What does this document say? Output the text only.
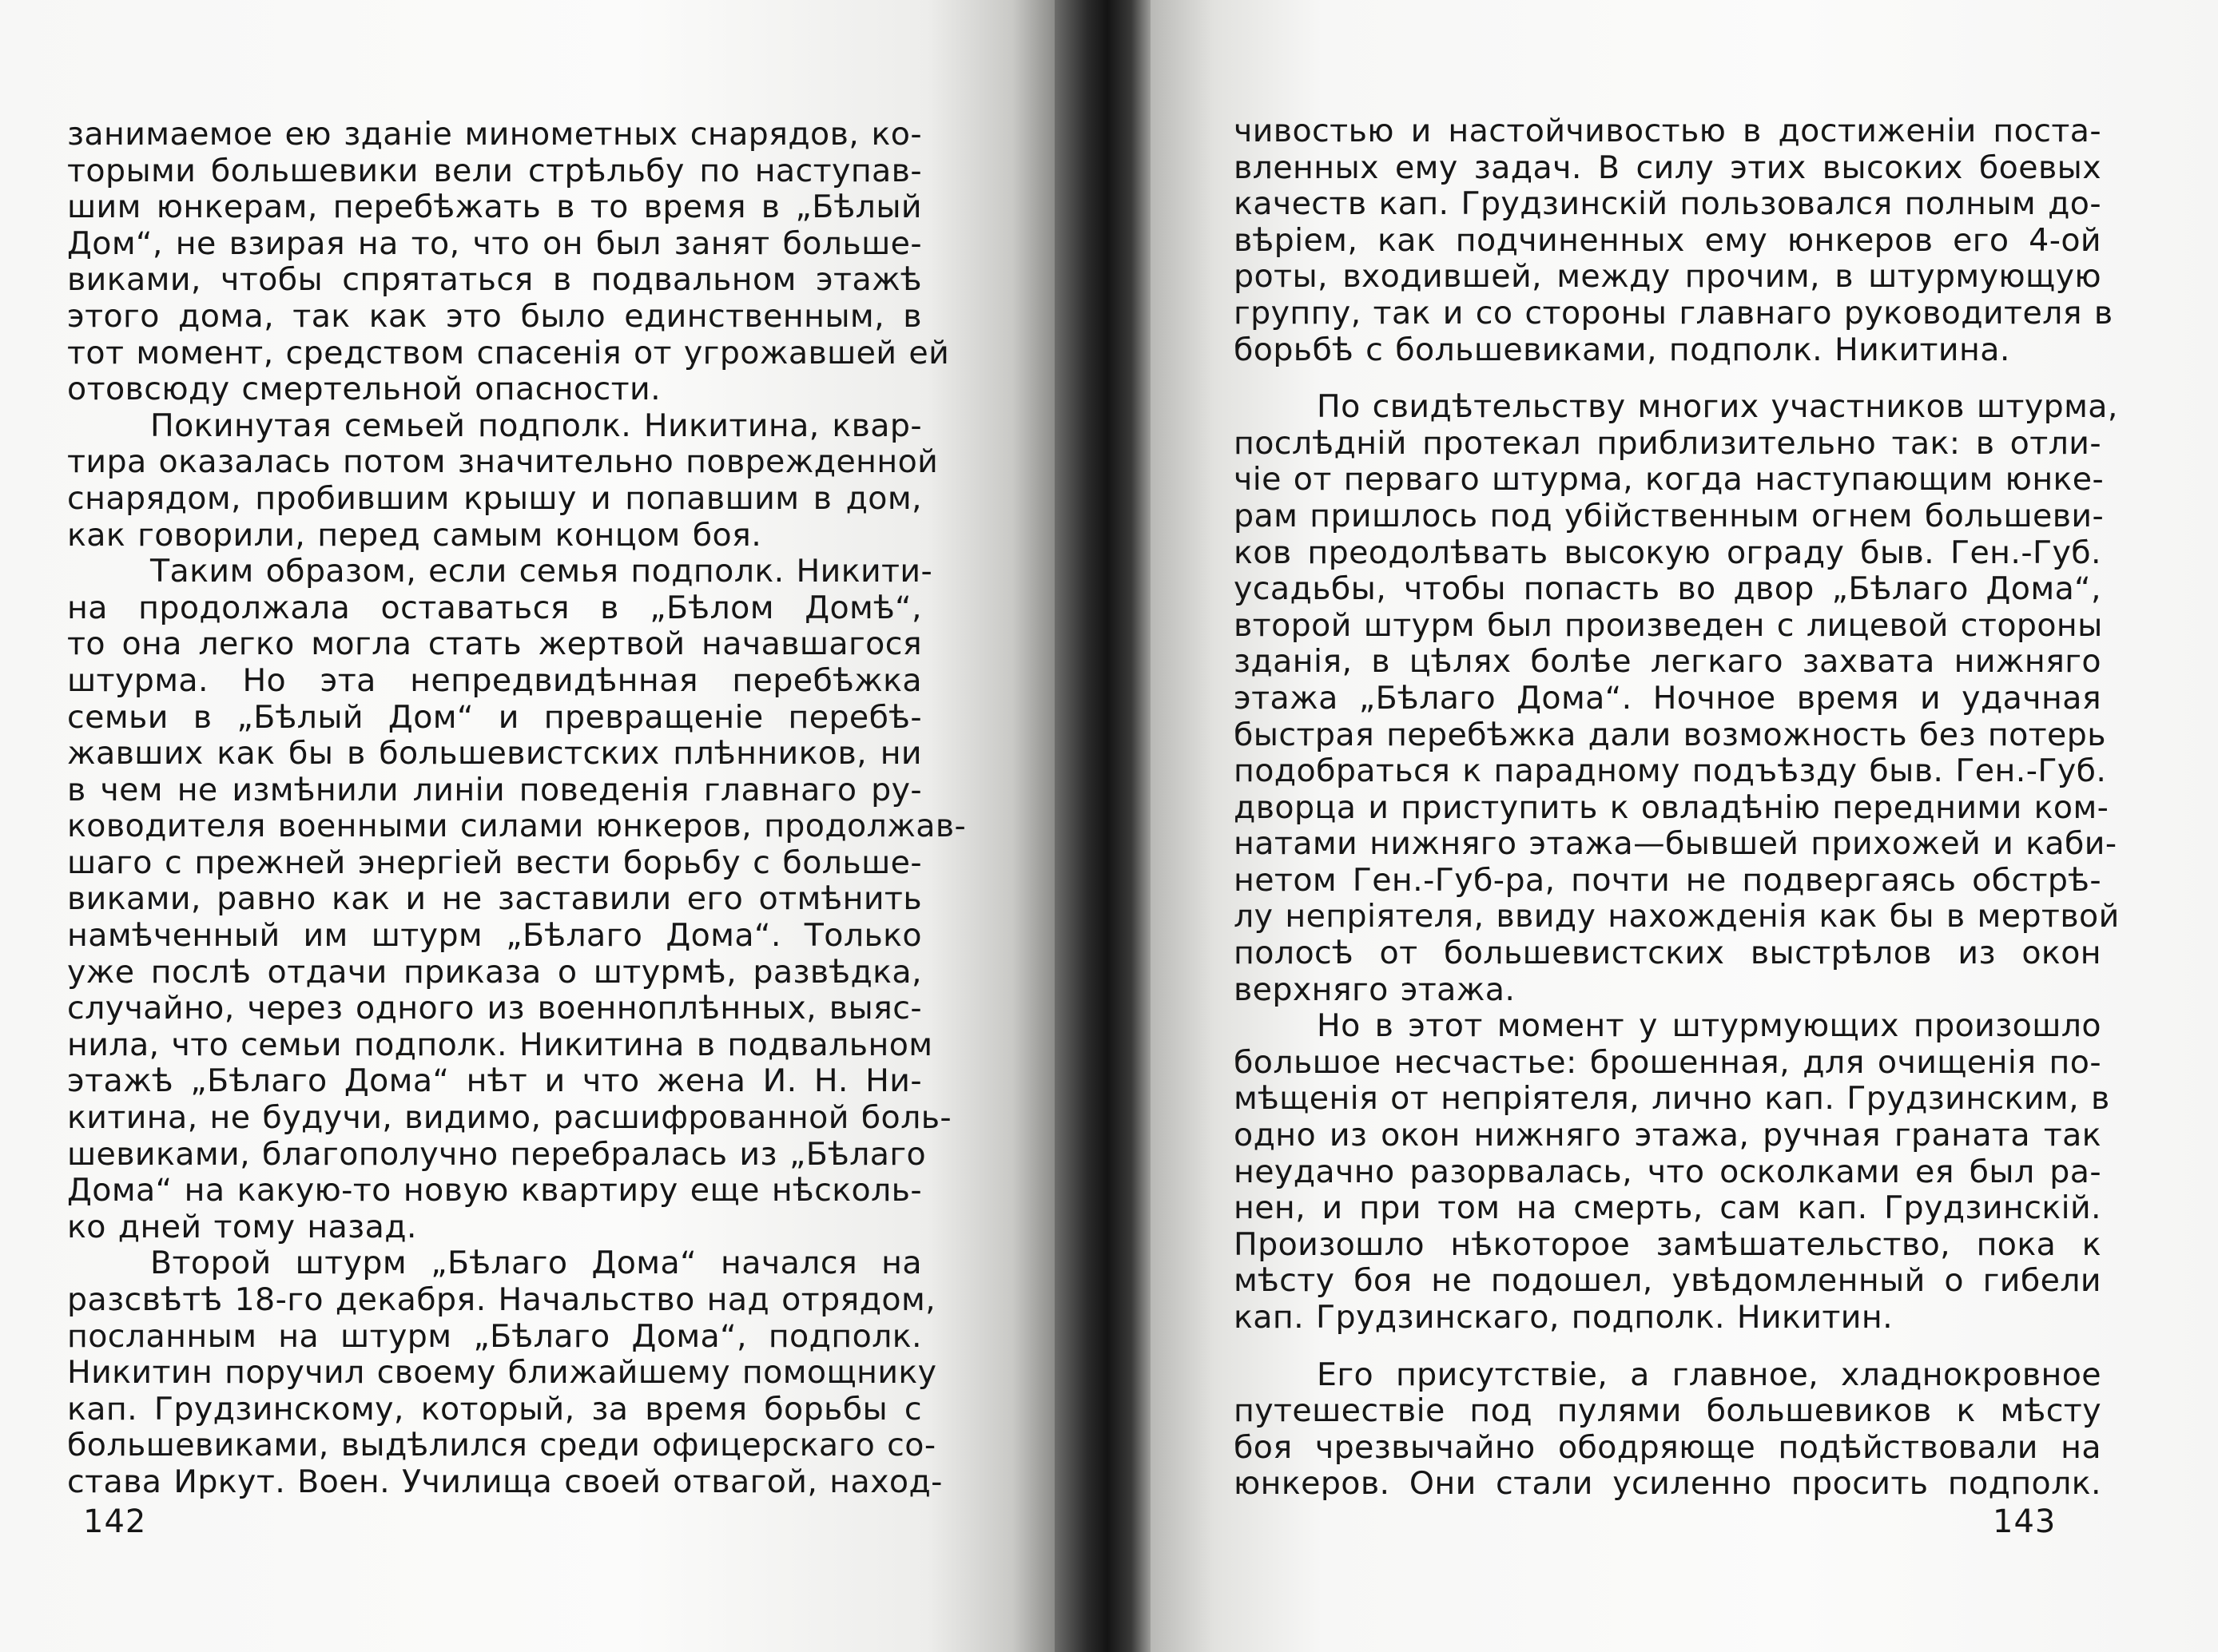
занимаемое ею зданіе минометных снарядов, ко-
торыми большевики вели стрѣльбу по наступав-
шим юнкерам, перебѣжать в то время в „Бѣлый
Дом“, не взирая на то, что он был занят больше-
виками, чтобы спрятаться в подвальном этажѣ
этого дома, так как это было единственным, в
тот момент, средством спасенія от угрожавшей ей
отовсюду смертельной опасности.
Покинутая семьей подполк. Никитина, квар-
тира оказалась потом значительно поврежденной
снарядом, пробившим крышу и попавшим в дом,
как говорили, перед самым концом боя.
Таким образом, если семья подполк. Никити-
на продолжала оставаться в „Бѣлом Домѣ“,
то она легко могла стать жертвой начавшагося
штурма. Но эта непредвидѣнная перебѣжка
семьи в „Бѣлый Дом“ и превращеніе перебѣ-
жавших как бы в большевистских плѣнников, ни
в чем не измѣнили линіи поведенія главнаго ру-
ководителя военными силами юнкеров, продолжав-
шаго с прежней энергіей вести борьбу с больше-
виками, равно как и не заставили его отмѣнить
намѣченный им штурм „Бѣлаго Дома“. Только
уже послѣ отдачи приказа о штурмѣ, развѣдка,
случайно, через одного из военноплѣнных, выяс-
нила, что семьи подполк. Никитина в подвальном
этажѣ „Бѣлаго Дома“ нѣт и что жена И. Н. Ни-
китина, не будучи, видимо, расшифрованной боль-
шевиками, благополучно перебралась из „Бѣлаго
Дома“ на какую-то новую квартиру еще нѣсколь-
ко дней тому назад.
Второй штурм „Бѣлаго Дома“ начался на
разсвѣтѣ 18-го декабря. Начальство над отрядом,
посланным на штурм „Бѣлаго Дома“, подполк.
Никитин поручил своему ближайшему помощнику
кап. Грудзинскому, который, за время борьбы с
большевиками, выдѣлился среди офицерскаго со-
става Иркут. Воен. Училища своей отвагой, наход-
142
чивостью и настойчивостью в достиженіи поста-
вленных ему задач. В силу этих высоких боевых
качеств кап. Грудзинскій пользовался полным до-
вѣріем, как подчиненных ему юнкеров его 4-ой
роты, входившей, между прочим, в штурмующую
группу, так и со стороны главнаго руководителя в
борьбѣ с большевиками, подполк. Никитина.
По свидѣтельству многих участников штурма,
послѣдній протекал приблизительно так: в отли-
чіе от перваго штурма, когда наступающим юнке-
рам пришлось под убійственным огнем большеви-
ков преодолѣвать высокую ограду быв. Ген.-Губ.
усадьбы, чтобы попасть во двор „Бѣлаго Дома“,
второй штурм был произведен с лицевой стороны
зданія, в цѣлях болѣе легкаго захвата нижняго
этажа „Бѣлаго Дома“. Ночное время и удачная
быстрая перебѣжка дали возможность без потерь
подобраться к парадному подъѣзду быв. Ген.-Губ.
дворца и приступить к овладѣнію передними ком-
натами нижняго этажа—бывшей прихожей и каби-
нетом Ген.-Губ-ра, почти не подвергаясь обстрѣ-
лу непріятеля, ввиду нахожденія как бы в мертвой
полосѣ от большевистских выстрѣлов из окон
верхняго этажа.
Но в этот момент у штурмующих произошло
большое несчастье: брошенная, для очищенія по-
мѣщенія от непріятеля, лично кап. Грудзинским, в
одно из окон нижняго этажа, ручная граната так
неудачно разорвалась, что осколками ея был ра-
нен, и при том на смерть, сам кап. Грудзинскій.
Произошло нѣкоторое замѣшательство, пока к
мѣсту боя не подошел, увѣдомленный о гибели
кап. Грудзинскаго, подполк. Никитин.
Его присутствіе, а главное, хладнокровное
путешествіе под пулями большевиков к мѣсту
боя чрезвычайно ободряюще подѣйствовали на
юнкеров. Они стали усиленно просить подполк.
143
